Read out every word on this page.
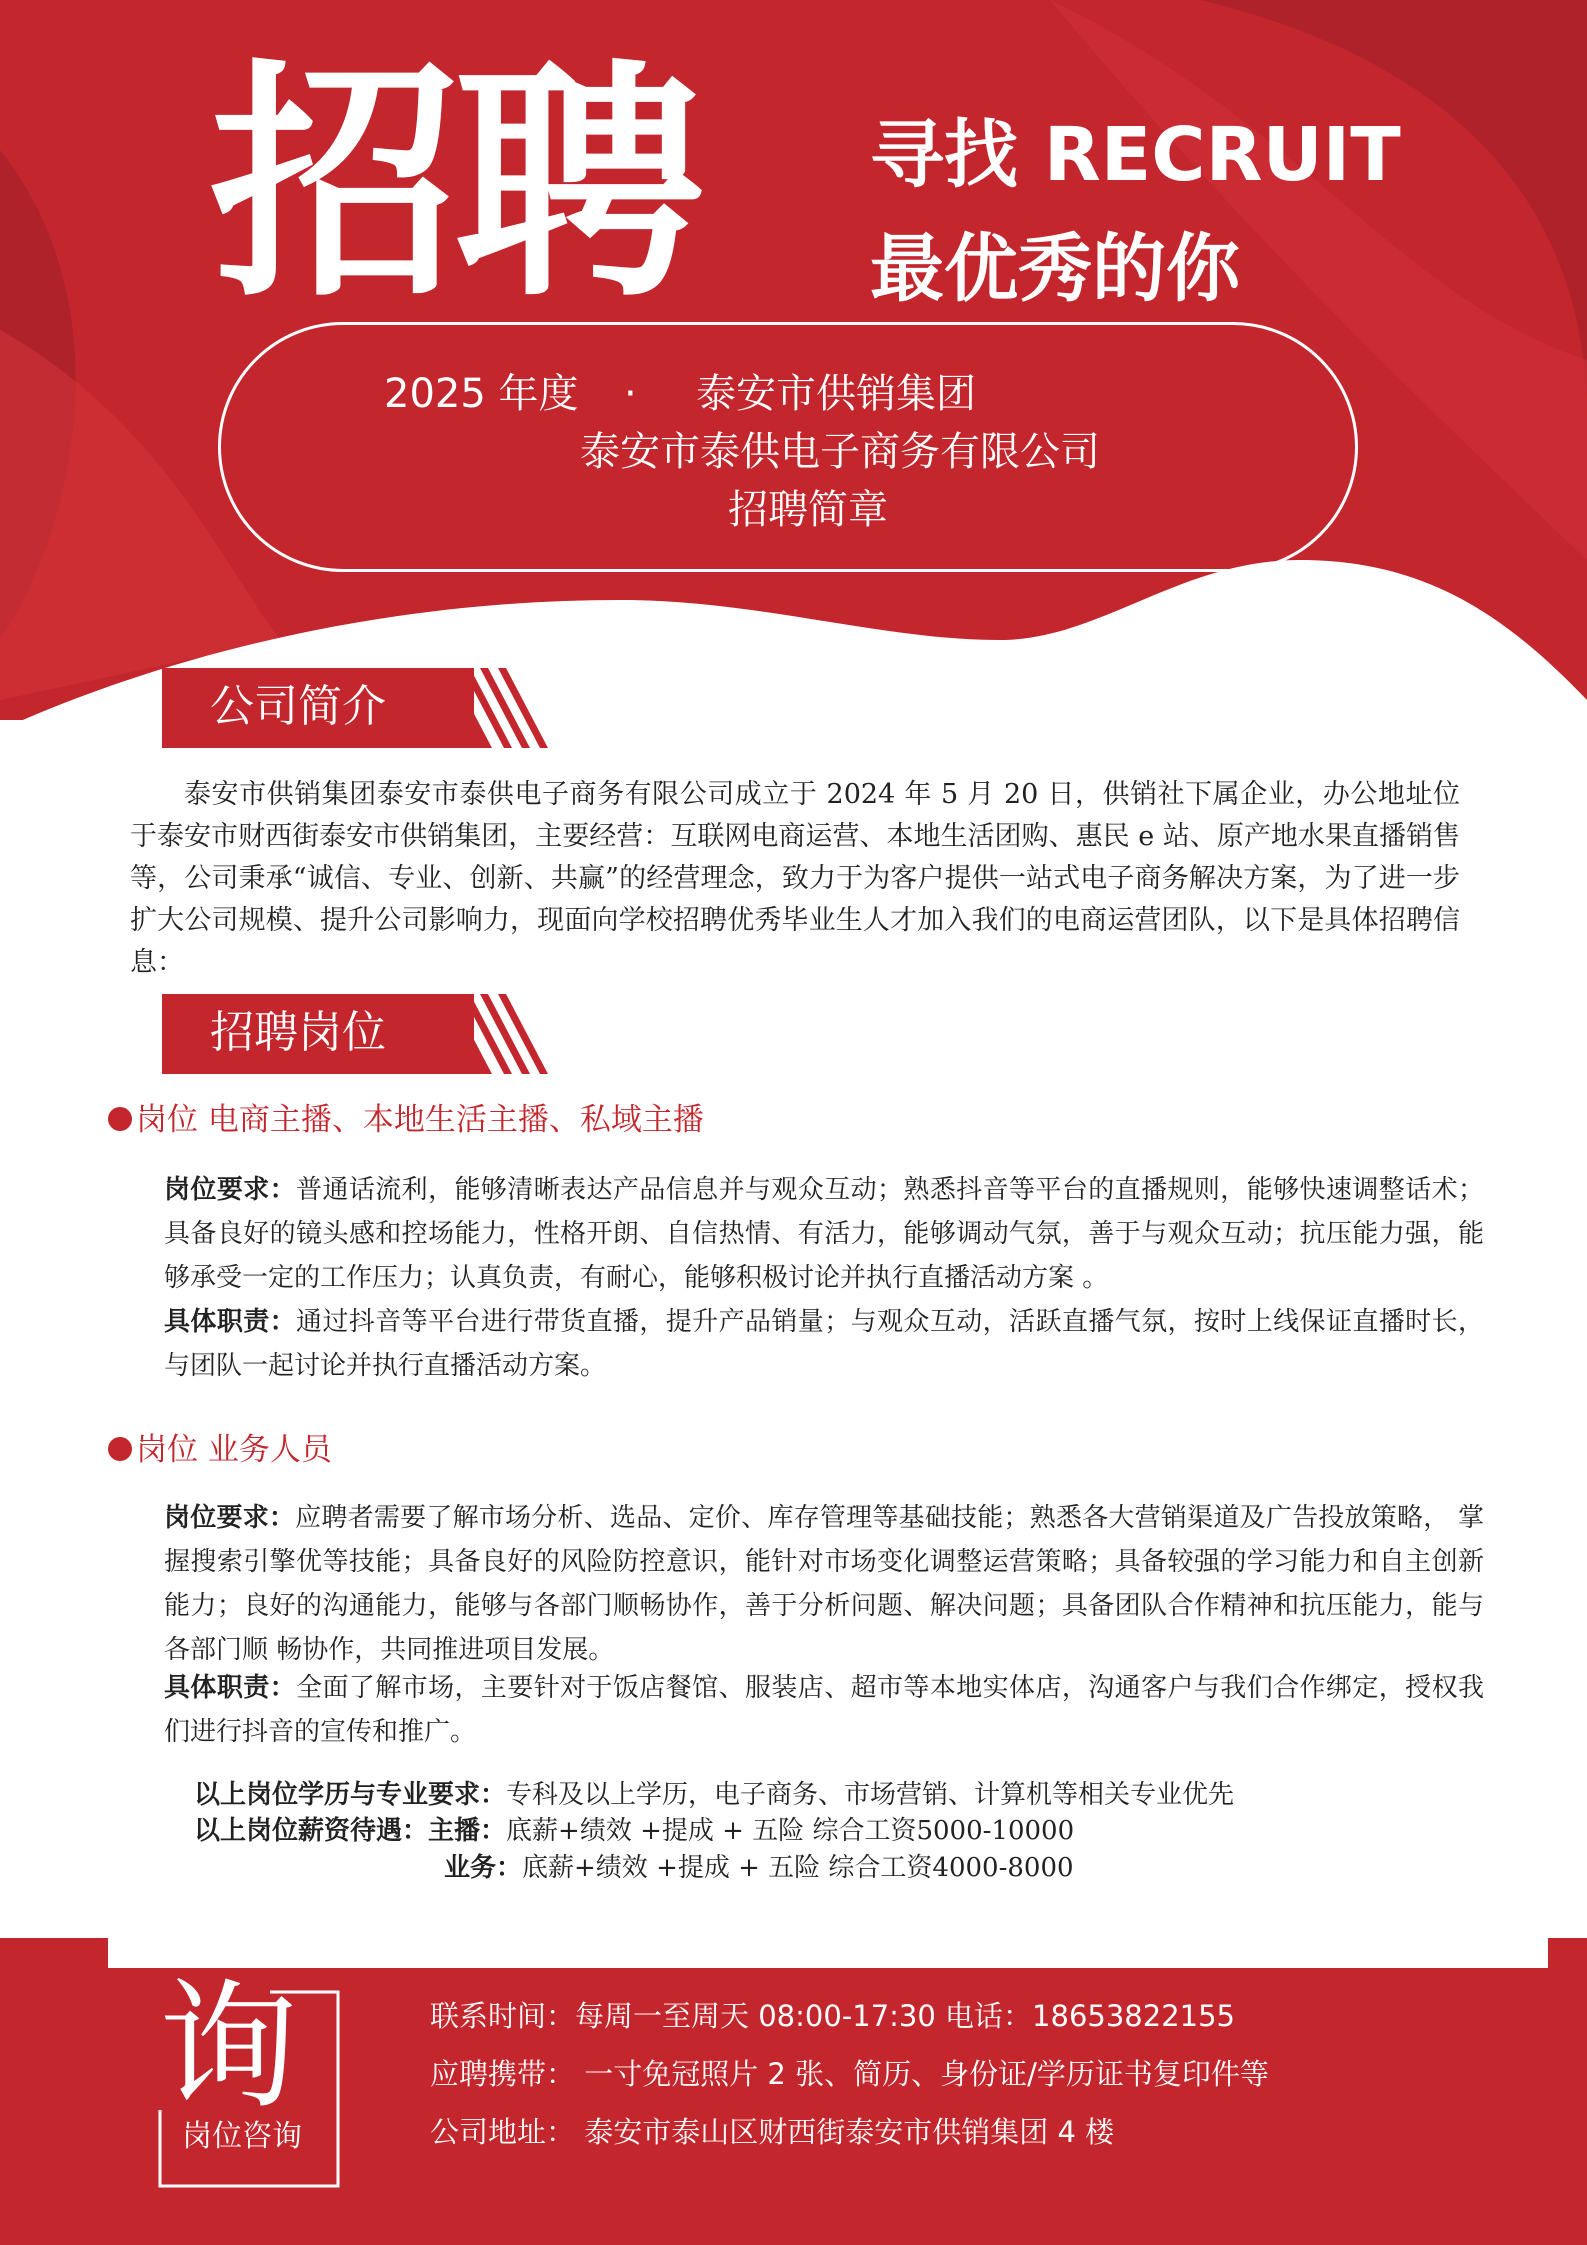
招聘 寻找 RECRUIT
最优秀的你
2025 年度 · 泰安市供销集团
泰安市泰供电子商务有限公司
招聘简章
公司简介
泰安市供销集团泰安市泰供电子商务有限公司成立于 2024 年 5 月 20 日，供销社下属企业，办公地址位于泰安市财西街泰安市供销集团，主要经营：互联网电商运营、本地生活团购、惠民 e 站、原产地水果直播销售等，公司秉承“诚信、专业、创新、共赢”的经营理念，致力于为客户提供一站式电子商务解决方案，为了进一步扩大公司规模、提升公司影响力，现面向学校招聘优秀毕业生人才加入我们的电商运营团队，以下是具体招聘信息：
招聘岗位
岗位 电商主播、本地生活主播、私域主播
岗位要求：普通话流利，能够清晰表达产品信息并与观众互动；熟悉抖音等平台的直播规则，能够快速调整话术； 具备良好的镜头感和控场能力，性格开朗、自信热情、有活力，能够调动气氛，善于与观众互动；抗压能力强，能够承受一定的工作压力；认真负责，有耐心，能够积极讨论并执行直播活动方案 。
具体职责：通过抖音等平台进行带货直播，提升产品销量；与观众互动，活跃直播气氛，按时上线保证直播时长，与团队一起讨论并执行直播活动方案。
岗位 业务人员
岗位要求：应聘者需要了解市场分析、选品、定价、库存管理等基础技能；熟悉各大营销渠道及广告投放策略， 掌 握搜索引擎优等技能；具备良好的风险防控意识，能针对市场变化调整运营策略；具备较强的学习能力和自主创新能力；良好的沟通能力，能够与各部门顺畅协作，善于分析问题、解决问题；具备团队合作精神和抗压能力，能与各部门顺 畅协作，共同推进项目发展。
具体职责：全面了解市场，主要针对于饭店餐馆、服装店、超市等本地实体店，沟通客户与我们合作绑定，授权我们进行抖音的宣传和推广。
以上岗位学历与专业要求：专科及以上学历，电子商务、市场营销、计算机等相关专业优先
以上岗位薪资待遇：主播：底薪+绩效 +提成 + 五险 综合工资5000-10000
业务：底薪+绩效 +提成 + 五险 综合工资4000-8000
询
岗位咨询
联系时间：每周一至周天 08:00-17:30 电话：18653822155
应聘携带： 一寸免冠照片 2 张、简历、身份证/学历证书复印件等
公司地址： 泰安市泰山区财西街泰安市供销集团 4 楼
